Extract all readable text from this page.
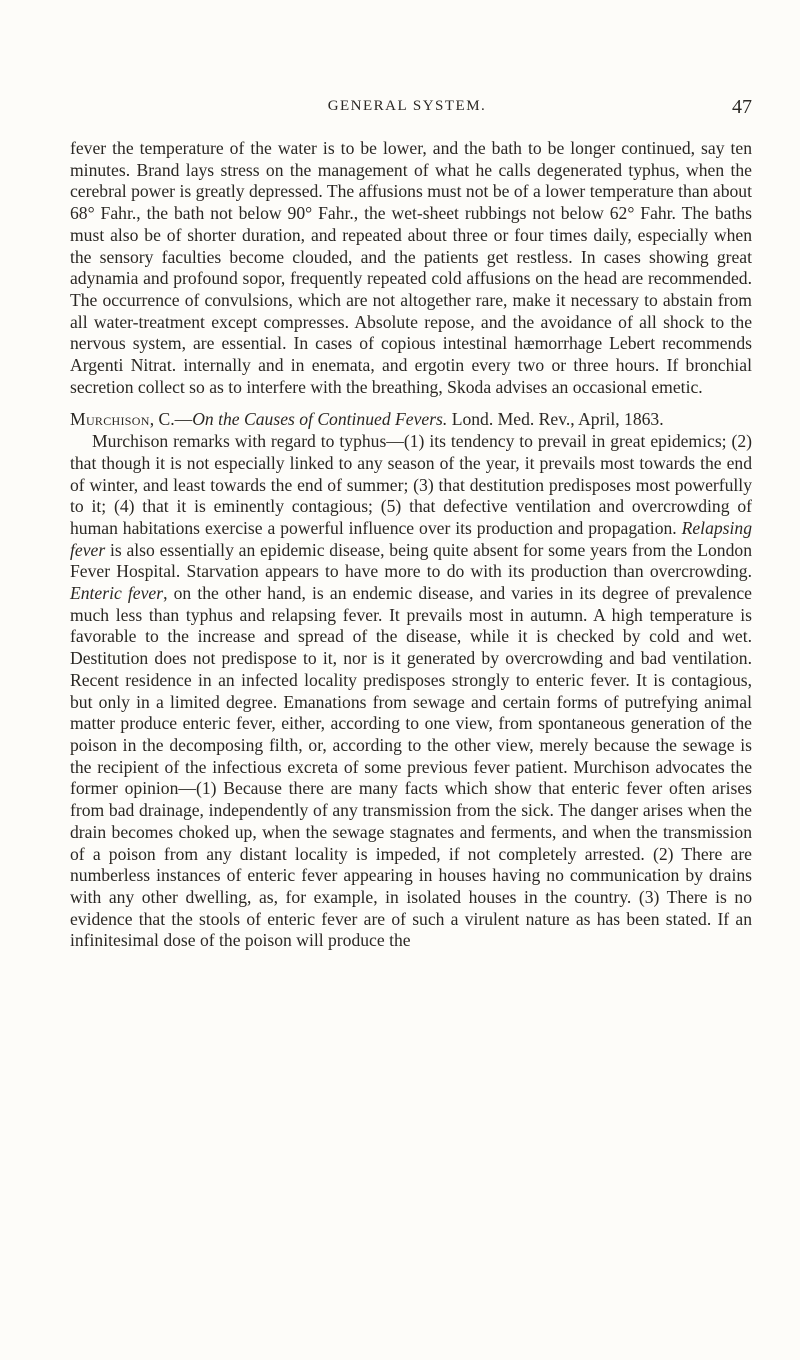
GENERAL SYSTEM.	47

fever the temperature of the water is to be lower, and the bath to be longer continued, say ten minutes. Brand lays stress on the management of what he calls degenerated typhus, when the cerebral power is greatly depressed. The affusions must not be of a lower temperature than about 68° Fahr., the bath not below 90° Fahr., the wet-sheet rubbings not below 62° Fahr. The baths must also be of shorter duration, and repeated about three or four times daily, especially when the sensory faculties become clouded, and the patients get restless. In cases showing great adynamia and profound sopor, frequently repeated cold affusions on the head are recommended. The occurrence of convulsions, which are not altogether rare, make it necessary to abstain from all water-treatment except compresses. Absolute repose, and the avoidance of all shock to the nervous system, are essential. In cases of copious intestinal hæmorrhage Lebert recommends Argenti Nitrat. internally and in enemata, and ergotin every two or three hours. If bronchial secretion collect so as to interfere with the breathing, Skoda advises an occasional emetic.

Murchison, C.—On the Causes of Continued Fevers. Lond. Med. Rev., April, 1863.

Murchison remarks with regard to typhus—(1) its tendency to prevail in great epidemics; (2) that though it is not especially linked to any season of the year, it prevails most towards the end of winter, and least towards the end of summer; (3) that destitution predisposes most powerfully to it; (4) that it is eminently contagious; (5) that defective ventilation and overcrowding of human habitations exercise a powerful influence over its production and propagation. Relapsing fever is also essentially an epidemic disease, being quite absent for some years from the London Fever Hospital. Starvation appears to have more to do with its production than overcrowding. Enteric fever, on the other hand, is an endemic disease, and varies in its degree of prevalence much less than typhus and relapsing fever. It prevails most in autumn. A high temperature is favorable to the increase and spread of the disease, while it is checked by cold and wet. Destitution does not predispose to it, nor is it generated by overcrowding and bad ventilation. Recent residence in an infected locality predisposes strongly to enteric fever. It is contagious, but only in a limited degree. Emanations from sewage and certain forms of putrefying animal matter produce enteric fever, either, according to one view, from spontaneous generation of the poison in the decomposing filth, or, according to the other view, merely because the sewage is the recipient of the infectious excreta of some previous fever patient. Murchison advocates the former opinion—(1) Because there are many facts which show that enteric fever often arises from bad drainage, independently of any transmission from the sick. The danger arises when the drain becomes choked up, when the sewage stagnates and ferments, and when the transmission of a poison from any distant locality is impeded, if not completely arrested. (2) There are numberless instances of enteric fever appearing in houses having no communication by drains with any other dwelling, as, for example, in isolated houses in the country. (3) There is no evidence that the stools of enteric fever are of such a virulent nature as has been stated. If an infinitesimal dose of the poison will produce the
